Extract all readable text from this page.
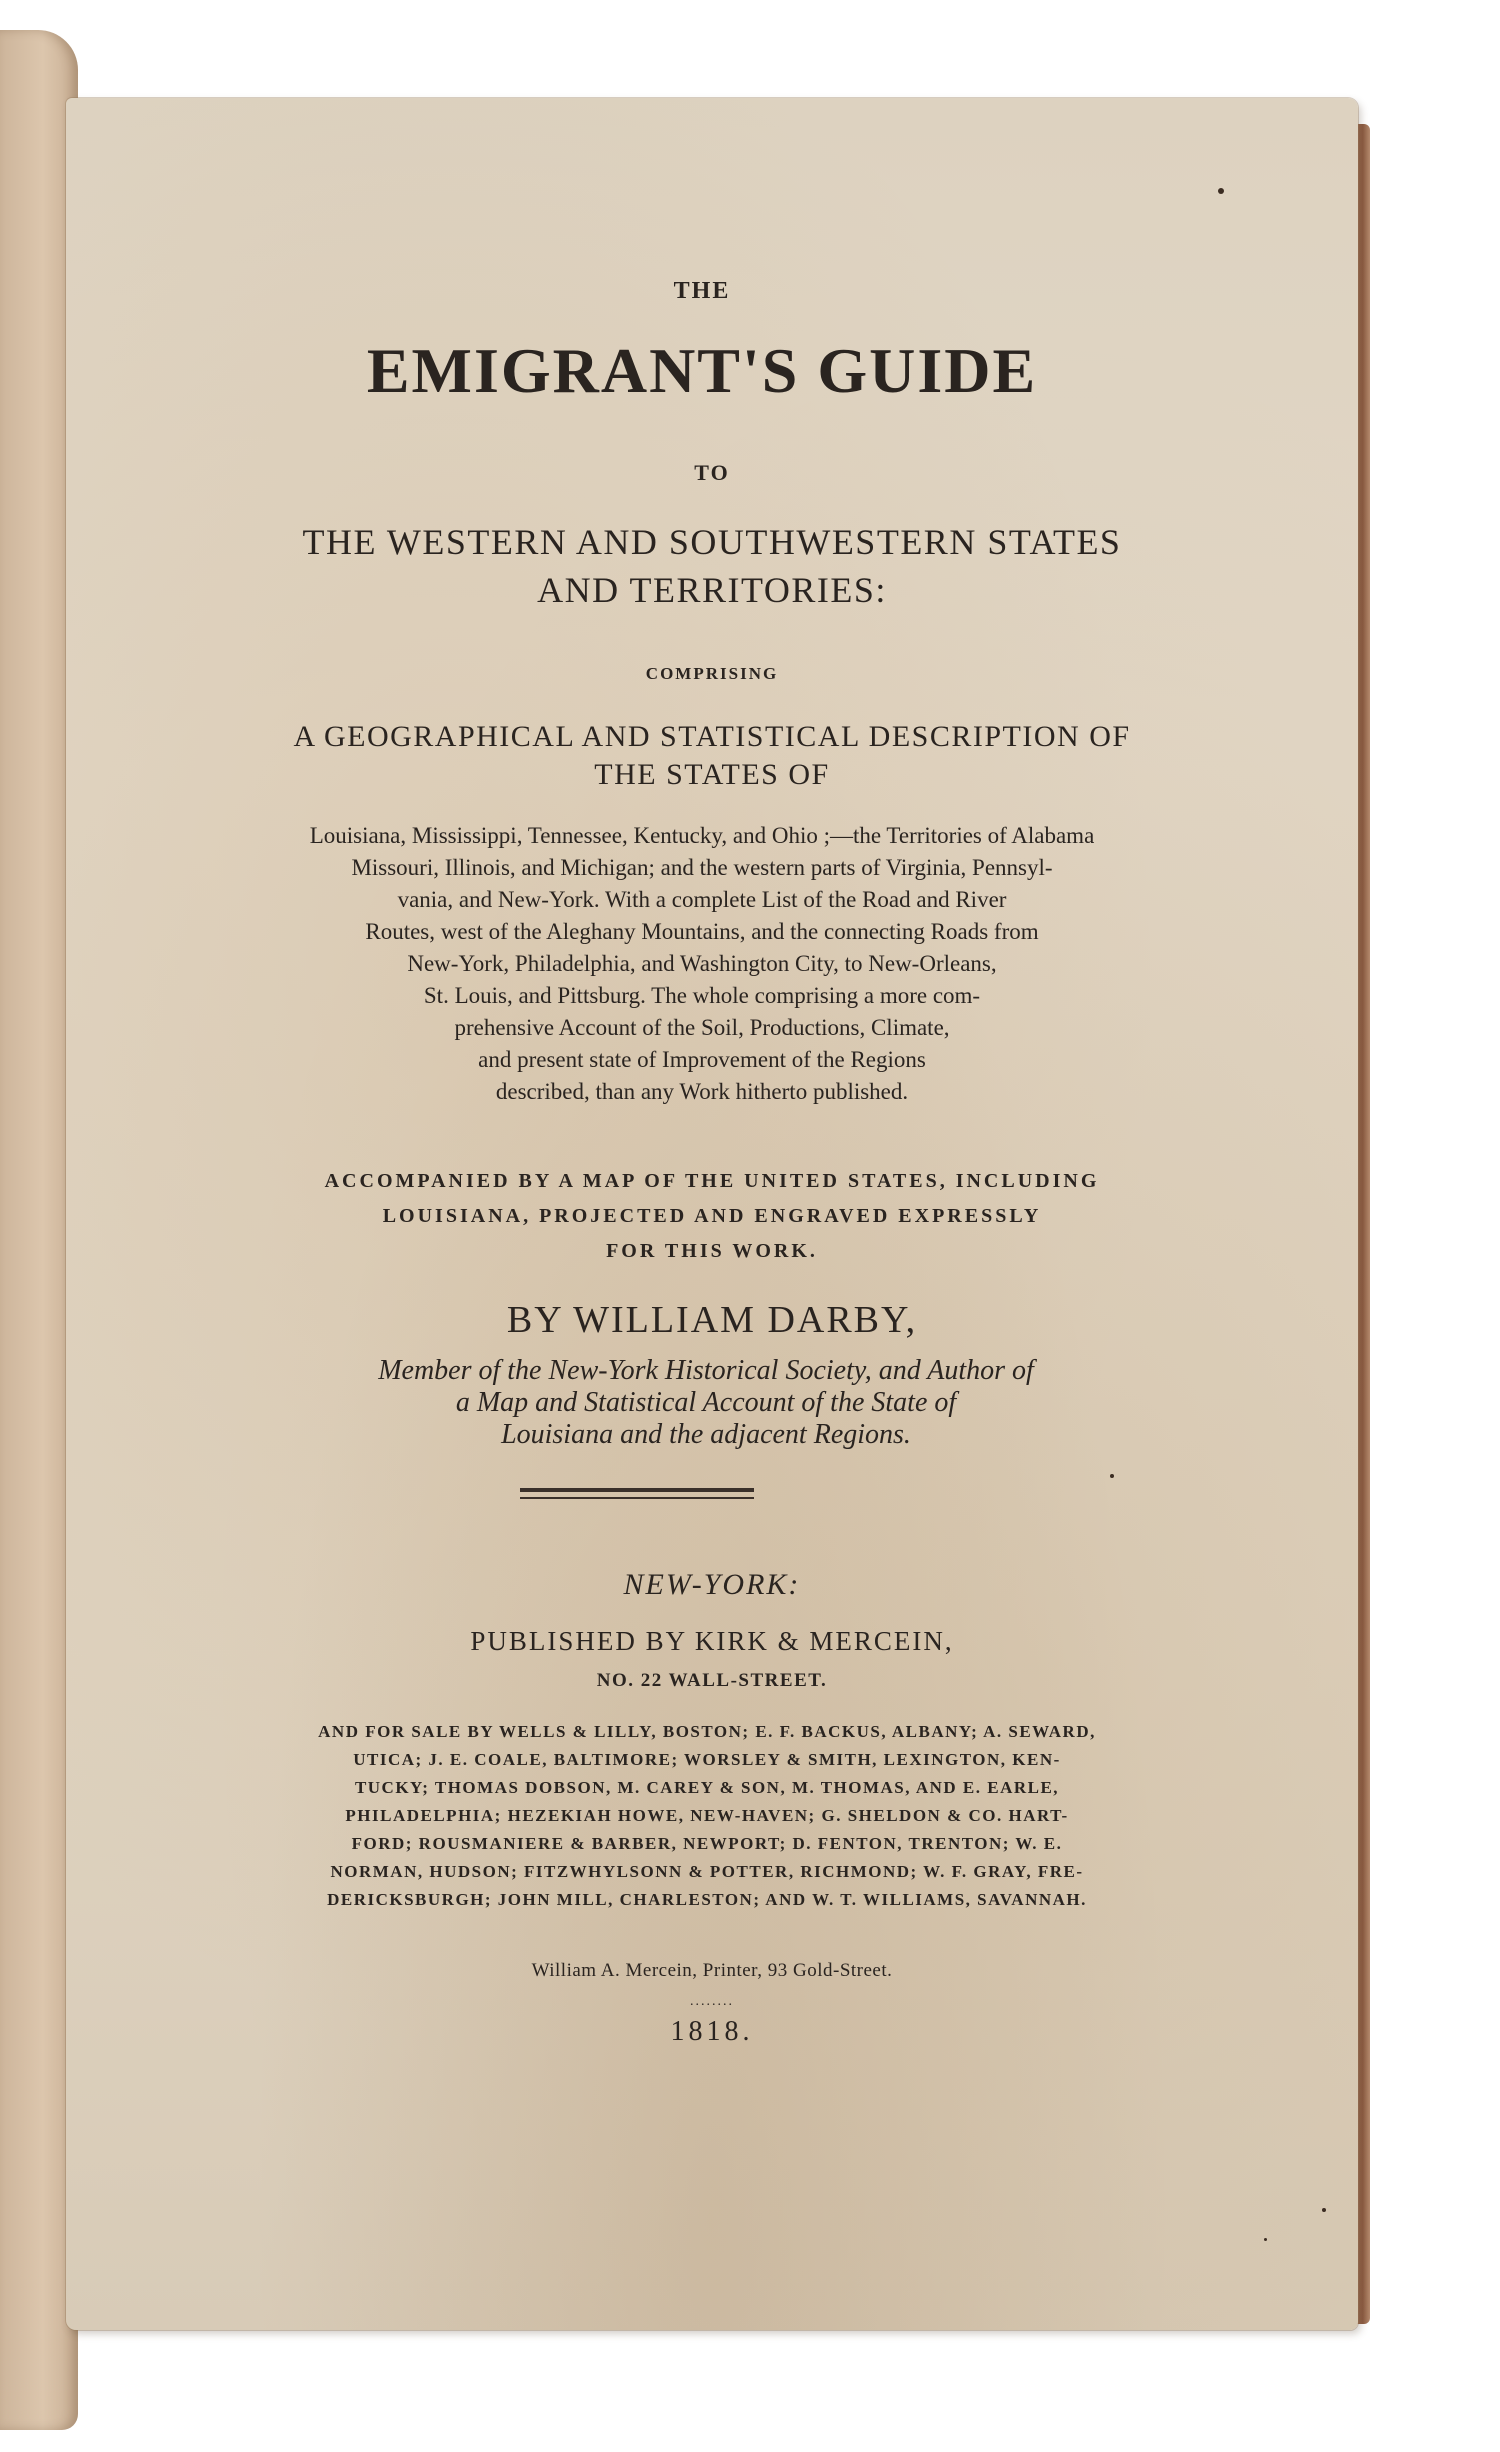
THE
EMIGRANT'S GUIDE
TO
THE WESTERN AND SOUTHWESTERN STATES
AND TERRITORIES:
COMPRISING
A GEOGRAPHICAL AND STATISTICAL DESCRIPTION OF
THE STATES OF
Louisiana, Mississippi, Tennessee, Kentucky, and Ohio ;—the Territories of Alabama
Missouri, Illinois, and Michigan; and the western parts of Virginia, Pennsyl-
vania, and New-York. With a complete List of the Road and River
Routes, west of the Aleghany Mountains, and the connecting Roads from
New-York, Philadelphia, and Washington City, to New-Orleans,
St. Louis, and Pittsburg. The whole comprising a more com-
prehensive Account of the Soil, Productions, Climate,
and present state of Improvement of the Regions
described, than any Work hitherto published.
ACCOMPANIED BY A MAP OF THE UNITED STATES, INCLUDING
LOUISIANA, PROJECTED AND ENGRAVED EXPRESSLY
FOR THIS WORK.
BY WILLIAM DARBY,
Member of the New-York Historical Society, and Author of
a Map and Statistical Account of the State of
Louisiana and the adjacent Regions.
NEW-YORK:
PUBLISHED BY KIRK & MERCEIN,
NO. 22 WALL-STREET.
AND FOR SALE BY WELLS & LILLY, BOSTON; E. F. BACKUS, ALBANY; A. SEWARD,
UTICA; J. E. COALE, BALTIMORE; WORSLEY & SMITH, LEXINGTON, KEN-
TUCKY; THOMAS DOBSON, M. CAREY & SON, M. THOMAS, AND E. EARLE,
PHILADELPHIA; HEZEKIAH HOWE, NEW-HAVEN; G. SHELDON & CO. HART-
FORD; ROUSMANIERE & BARBER, NEWPORT; D. FENTON, TRENTON; W. E.
NORMAN, HUDSON; FITZWHYLSONN & POTTER, RICHMOND; W. F. GRAY, FRE-
DERICKSBURGH; JOHN MILL, CHARLESTON; AND W. T. WILLIAMS, SAVANNAH.
William A. Mercein, Printer, 93 Gold-Street.
........
1818.
